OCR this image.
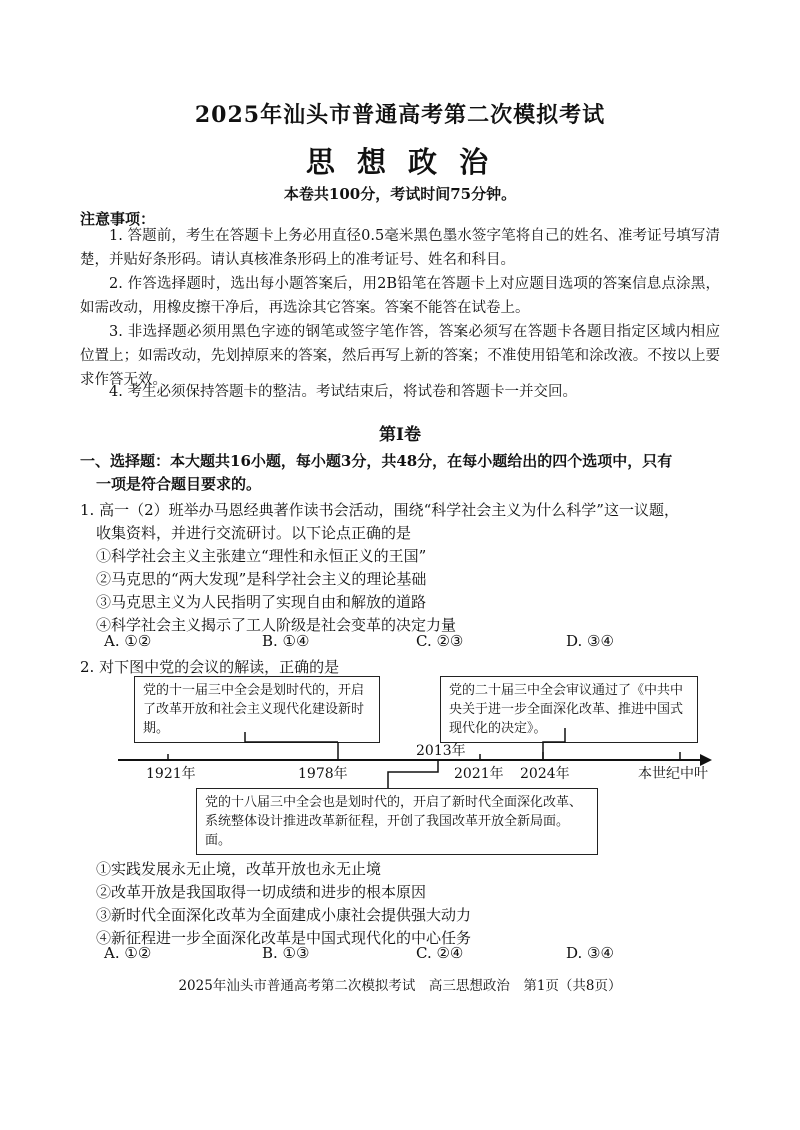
2025年汕头市普通高考第二次模拟考试
思 想 政 治
本卷共100分，考试时间75分钟。
注意事项：
1. 答题前，考生在答题卡上务必用直径0.5毫米黑色墨水签字笔将自己的姓名、准考证号填写清楚，并贴好条形码。请认真核准条形码上的准考证号、姓名和科目。
2. 作答选择题时，选出每小题答案后，用2B铅笔在答题卡上对应题目选项的答案信息点涂黑，如需改动，用橡皮擦干净后，再选涂其它答案。答案不能答在试卷上。
3. 非选择题必须用黑色字迹的钢笔或签字笔作答，答案必须写在答题卡各题目指定区域内相应位置上；如需改动，先划掉原来的答案，然后再写上新的答案；不准使用铅笔和涂改液。不按以上要求作答无效。
4. 考生必须保持答题卡的整洁。考试结束后，将试卷和答题卡一并交回。
第Ⅰ卷
一、选择题：本大题共16小题，每小题3分，共48分，在每小题给出的四个选项中，只有
一项是符合题目要求的。
1. 高一（2）班举办马恩经典著作读书会活动，围绕“科学社会主义为什么科学”这一议题，
收集资料，并进行交流研讨。以下论点正确的是
①科学社会主义主张建立“理性和永恒正义的王国”
②马克思的“两大发现”是科学社会主义的理论基础
③马克思主义为人民指明了实现自由和解放的道路
④科学社会主义揭示了工人阶级是社会变革的决定力量
A. ①②	B. ①④	C. ②③	D. ③④
2. 对下图中党的会议的解读，正确的是
党的十一届三中全会是划时代的，开启了改革开放和社会主义现代化建设新时期。
党的二十届三中全会审议通过了《中共中央关于进一步全面深化改革、推进中国式现代化的决定》。
党的十八届三中全会也是划时代的，开启了新时代全面深化改革、系统整体设计推进改革新征程，开创了我国改革开放全新局面。面。
1921年	1978年
2013年
2021年 2024年	本世纪中叶
①实践发展永无止境，改革开放也永无止境
②改革开放是我国取得一切成绩和进步的根本原因
③新时代全面深化改革为全面建成小康社会提供强大动力
④新征程进一步全面深化改革是中国式现代化的中心任务
A. ①②	B. ①③	C. ②④	D. ③④
2025年汕头市普通高考第二次模拟考试　高三思想政治　第1页（共8页）
